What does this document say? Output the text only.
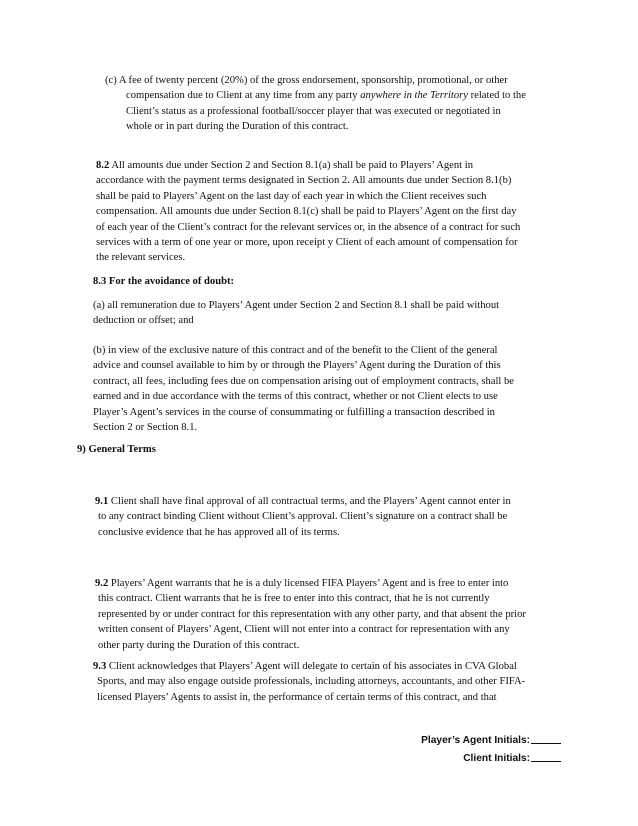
(c) A fee of twenty percent (20%) of the gross endorsement, sponsorship, promotional, or other
compensation due to Client at any time from any party anywhere in the Territory related to the
Client’s status as a professional football/soccer player that was executed or negotiated in
whole or in part during the Duration of this contract.
8.2 All amounts due under Section 2 and Section 8.1(a) shall be paid to Players’ Agent in
accordance with the payment terms designated in Section 2. All amounts due under Section 8.1(b)
shall be paid to Players’ Agent on the last day of each year in which the Client receives such
compensation. All amounts due under Section 8.1(c) shall be paid to Players’ Agent on the first day
of each year of the Client’s contract for the relevant services or, in the absence of a contract for such
services with a term of one year or more, upon receipt y Client of each amount of compensation for
the relevant services.
8.3 For the avoidance of doubt:
(a) all remuneration due to Players’ Agent under Section 2 and Section 8.1 shall be paid without
deduction or offset; and
(b) in view of the exclusive nature of this contract and of the benefit to the Client of the general
advice and counsel available to him by or through the Players’ Agent during the Duration of this
contract, all fees, including fees due on compensation arising out of employment contracts, shall be
earned and in due accordance with the terms of this contract, whether or not Client elects to use
Player’s Agent’s services in the course of consummating or fulfilling a transaction described in
Section 2 or Section 8.1.
9) General Terms
9.1 Client shall have final approval of all contractual terms, and the Players’ Agent cannot enter in
to any contract binding Client without Client’s approval. Client’s signature on a contract shall be
conclusive evidence that he has approved all of its terms.
9.2 Players’ Agent warrants that he is a duly licensed FIFA Players’ Agent and is free to enter into
this contract. Client warrants that he is free to enter into this contract, that he is not currently
represented by or under contract for this representation with any other party, and that absent the prior
written consent of Players’ Agent, Client will not enter into a contract for representation with any
other party during the Duration of this contract.
9.3 Client acknowledges that Players’ Agent will delegate to certain of his associates in CVA Global
Sports, and may also engage outside professionals, including attorneys, accountants, and other FIFA-
licensed Players’ Agents to assist in, the performance of certain terms of this contract, and that
Player’s Agent Initials:
Client Initials:
